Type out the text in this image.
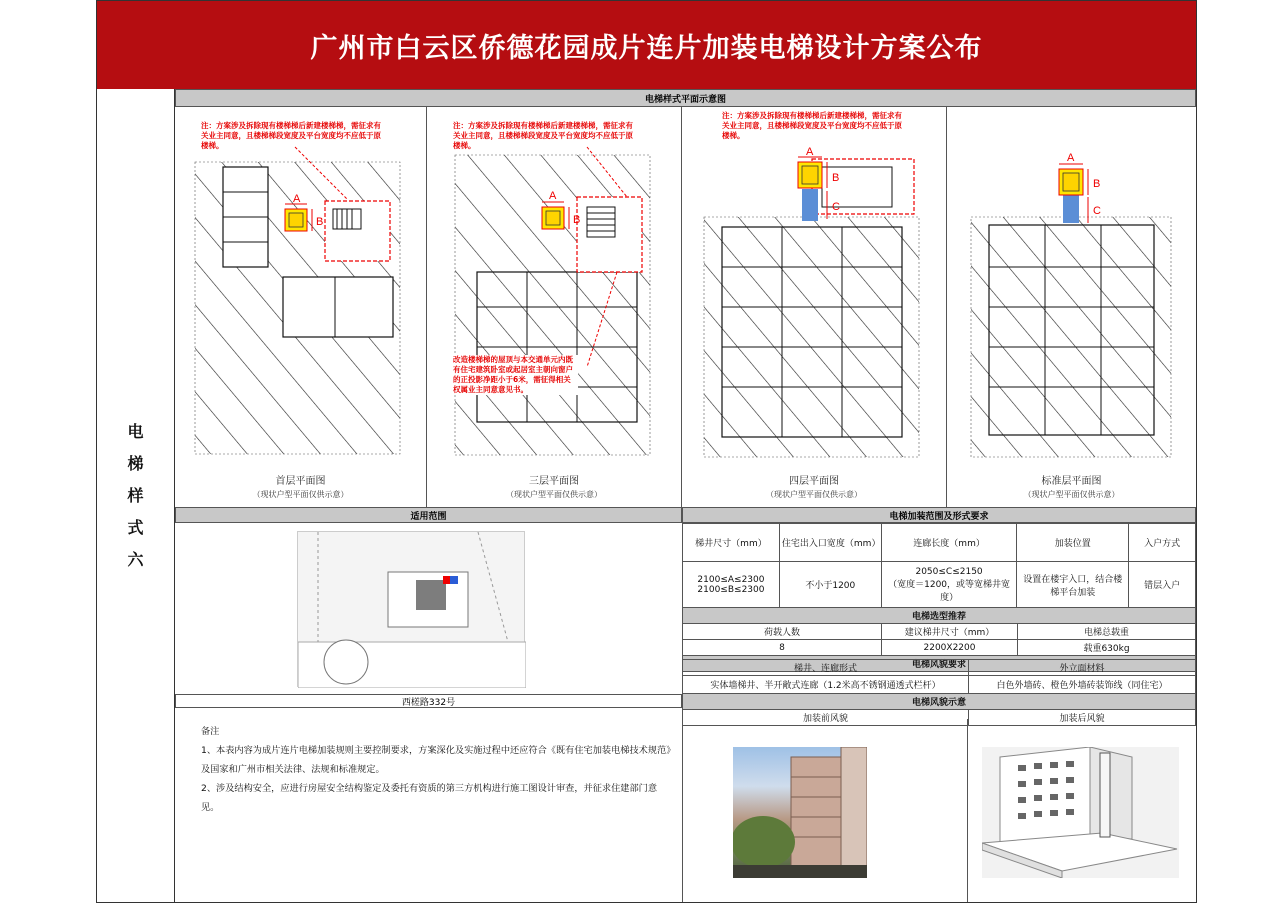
广州市白云区侨德花园成片连片加装电梯设计方案公布
电梯样式六
电梯样式平面示意图
A
B
注：方案涉及拆除现有楼梯梯后新建楼梯梯，需征求有关业主同意，且楼梯梯段宽度及平台宽度均不应低于原楼梯。
首层平面图
（现状户型平面仅供示意）
A
B
注：方案涉及拆除现有楼梯梯后新建楼梯梯，需征求有关业主同意，且楼梯梯段宽度及平台宽度均不应低于原楼梯。
改造楼梯梯的屋顶与本交通单元内既有住宅建筑卧室或起居室主朝向窗户的正投影净距小于6米，需征得相关权属业主同意意见书。
三层平面图
（现状户型平面仅供示意）
A
B
C
注：方案涉及拆除现有楼梯梯后新建楼梯梯，需征求有关业主同意，且楼梯梯段宽度及平台宽度均不应低于原楼梯。
四层平面图
（现状户型平面仅供示意）
A
B
C
标准层平面图
（现状户型平面仅供示意）
适用范围
西槎路332号
电梯加装范围及形式要求
梯井尺寸（mm）	住宅出入口宽度（mm）	连廊长度（mm）	加装位置	入户方式
2100≤A≤2300
2100≤B≤2300	不小于1200	2050≤C≤2150
（宽度＝1200，或等宽梯井宽度）	设置在楼宇入口，结合楼梯平台加装	错层入户
电梯选型推荐		
荷载人数	建议梯井尺寸（mm）	电梯总载重
8	2200X2200	载重630kg
电梯风貌要求		
梯井、连廊形式	外立面材料
实体墙梯井、半开敞式连廊（1.2米高不锈钢通透式栏杆）	白色外墙砖、橙色外墙砖装饰线（同住宅）
电梯风貌示意	
加装前风貌	加装后风貌
备注
1、本表内容为成片连片电梯加装规则主要控制要求，方案深化及实施过程中还应符合《既有住宅加装电梯技术规范》及国家和广州市相关法律、法规和标准规定。
2、涉及结构安全，应进行房屋安全结构鉴定及委托有资质的第三方机构进行施工图设计审查，并征求住建部门意见。
